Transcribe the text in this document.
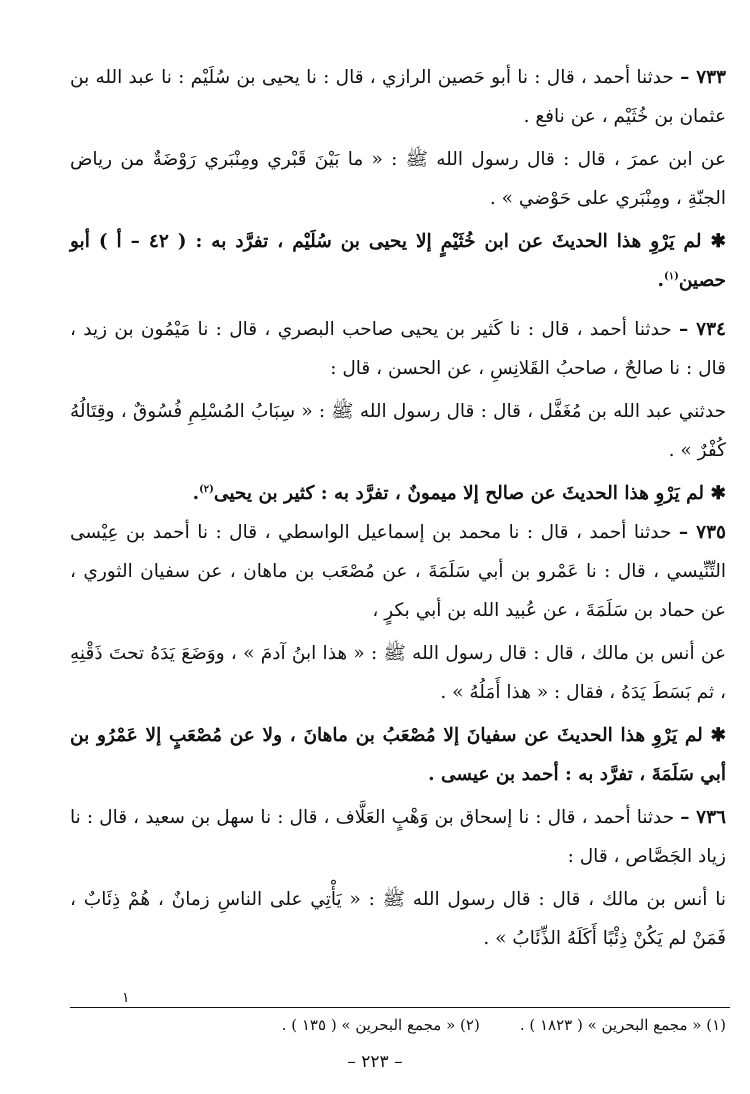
٧٣٣ – حدثنا أحمد ، قال : نا أبو حَصين الرازي ، قال : نا يحيى بن سُلَيْم : نا عبد الله بن عثمان بن خُثَيْم ، عن نافع .

عن ابن عمرَ ، قال : قال رسول الله ﷺ : « ما بَيْنَ قَبْري ومِنْبَري رَوْضَةٌ من رياض الجنّةِ ، ومِنْبَري على حَوْضي » .

✱ لم يَرْوِ هذا الحديثَ عن ابن خُثَيْمٍ إلا يحيى بن سُلَيْم ، تفرَّد به : ( ٤٢ – أ ) أبو حصين$^{(١)}$.

٧٣٤ – حدثنا أحمد ، قال : نا كَثير بن يحيى صاحب البصري ، قال : نا مَيْمُون بن زيد ، قال : نا صالحٌ ، صاحبُ القَلانِسِ ، عن الحسن ، قال :

حدثني عبد الله بن مُغَفَّل ، قال : قال رسول الله ﷺ : « سِبَابُ المُسْلِمِ فُسُوقٌ ، وقِتَالُهُ كُفْرٌ » .

✱ لم يَرْوِ هذا الحديثَ عن صالح إلا ميمونٌ ، تفرَّد به : كثير بن يحيى$^{(٢)}$.

٧٣٥ – حدثنا أحمد ، قال : نا محمد بن إسماعيل الواسطي ، قال : نا أحمد بن عِيْسى التِّنِّيسي ، قال : نا عَمْرو بن أبي سَلَمَةَ ، عن مُصْعَب بن ماهان ، عن سفيان الثوري ، عن حماد بن سَلَمَةَ ، عن عُبيد الله بن أبي بكرٍ ،

عن أنس بن مالك ، قال : قال رسول الله ﷺ : « هذا ابنُ آدمَ » ، ووَضَعَ يَدَهُ تحتَ ذَقْنِهِ ، ثم بَسَطَ يَدَهُ ، فقال : « هذا أَمَلُهُ » .

✱ لم يَرْوِ هذا الحديثَ عن سفيانَ إلا مُصْعَبُ بن ماهانَ ، ولا عن مُصْعَبٍ إلا عَمْرُو بن أبي سَلَمَةَ ، تفرَّد به : أحمد بن عيسى .

٧٣٦ – حدثنا أحمد ، قال : نا إسحاق بن وَهْبٍ العَلَّاف ، قال : نا سهل بن سعيد ، قال : نا زياد الجَصَّاص ، قال :

نا أنس بن مالك ، قال : قال رسول الله ﷺ : « يَأْتِي على الناسِ زمانٌ ، هُمْ ذِئَابٌ ، فَمَنْ لم يَكُنْ ذِئْبًا أَكَلَهُ الذِّئَابُ » .

١
(١) « مجمع البحرين » ( ١٨٢٣ ) .
(٢) « مجمع البحرين » ( ١٣٥ ) .
– ٢٢٣ –
